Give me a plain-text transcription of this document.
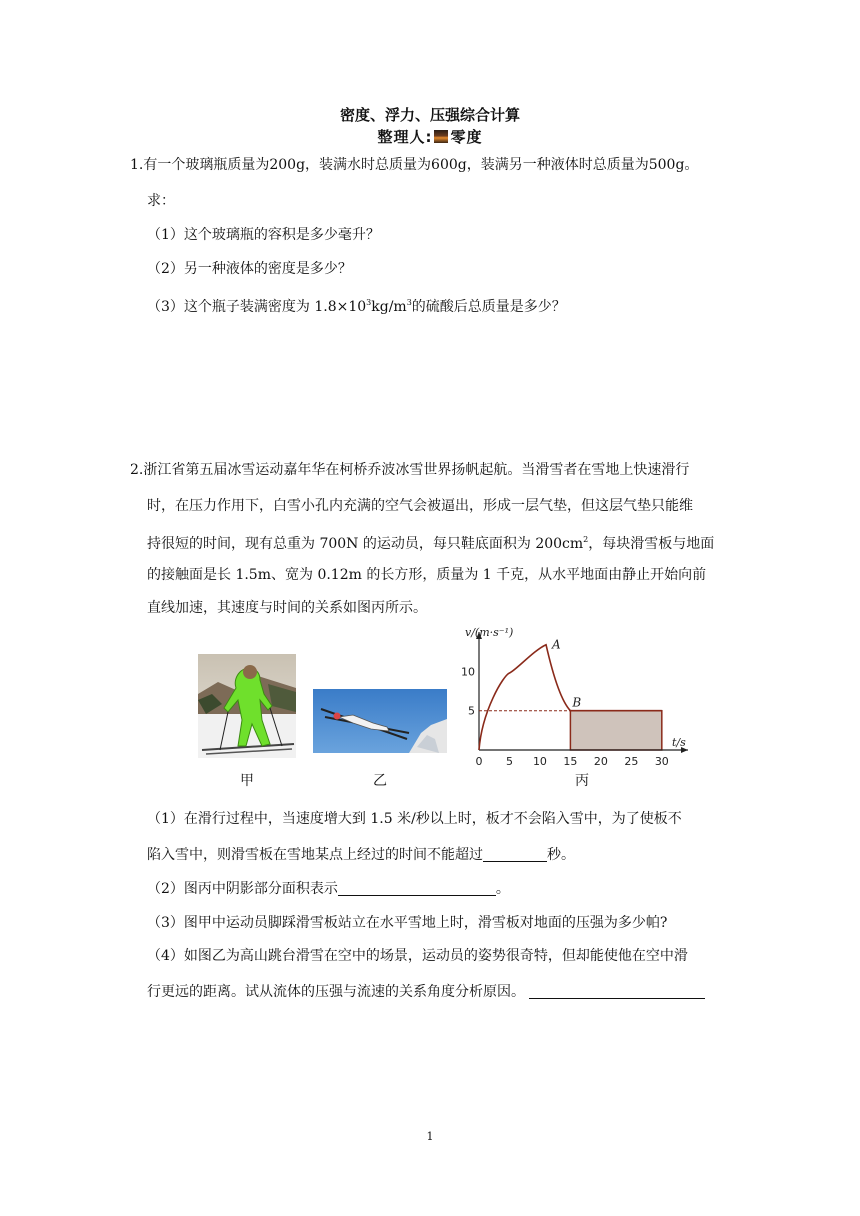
密度、浮力、压强综合计算
整理人: 零度
1.有一个玻璃瓶质量为200g，装满水时总质量为600g，装满另一种液体时总质量为500g。
求：
（1）这个玻璃瓶的容积是多少毫升？
（2）另一种液体的密度是多少？
（3）这个瓶子装满密度为 $1.8\times 10^3kg/m^3$的硫酸后总质量是多少？
2.浙江省第五届冰雪运动嘉年华在柯桥乔波冰雪世界扬帆起航。当滑雪者在雪地上快速滑行
时，在压力作用下，白雪小孔内充满的空气会被逼出，形成一层气垫，但这层气垫只能维
持很短的时间，现有总重为 700N 的运动员，每只鞋底面积为 $200cm^2$，每块滑雪板与地面
的接触面是长 1.5m、宽为 0.12m 的长方形，质量为 1 千克，从水平地面由静止开始向前
直线加速，其速度与时间的关系如图丙所示。
甲	乙
A
B
0 5 10 15 20 25 30
5
10
t/s
v/(m·s⁻¹)
丙
（1）在滑行过程中，当速度增大到 1.5 米/秒以上时，板才不会陷入雪中，为了使板不
陷入雪中，则滑雪板在雪地某点上经过的时间不能超过	秒。
（2）图丙中阴影部分面积表示	。
（3）图甲中运动员脚踩滑雪板站立在水平雪地上时，滑雪板对地面的压强为多少帕?
（4）如图乙为高山跳台滑雪在空中的场景，运动员的姿势很奇特，但却能使他在空中滑
行更远的距离。试从流体的压强与流速的关系角度分析原因。
1
